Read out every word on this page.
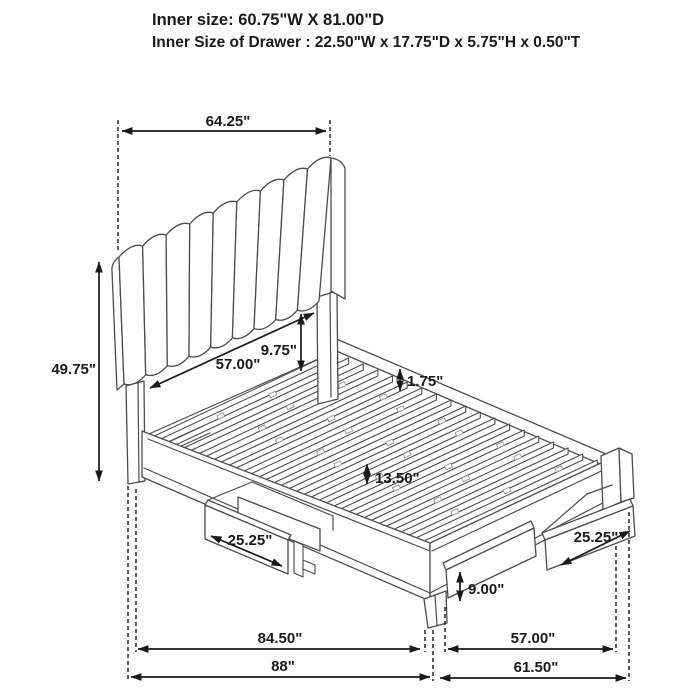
Inner size: 60.75"W X 81.00"D
Inner Size of Drawer : 22.50"W x 17.75"D x 5.75"H x 0.50"T
64.25"
49.75"	57.00"
9.75"
1.75"
13.50"
25.25"	25.25"
9.00"
84.50"
88"
57.00"
61.50"
